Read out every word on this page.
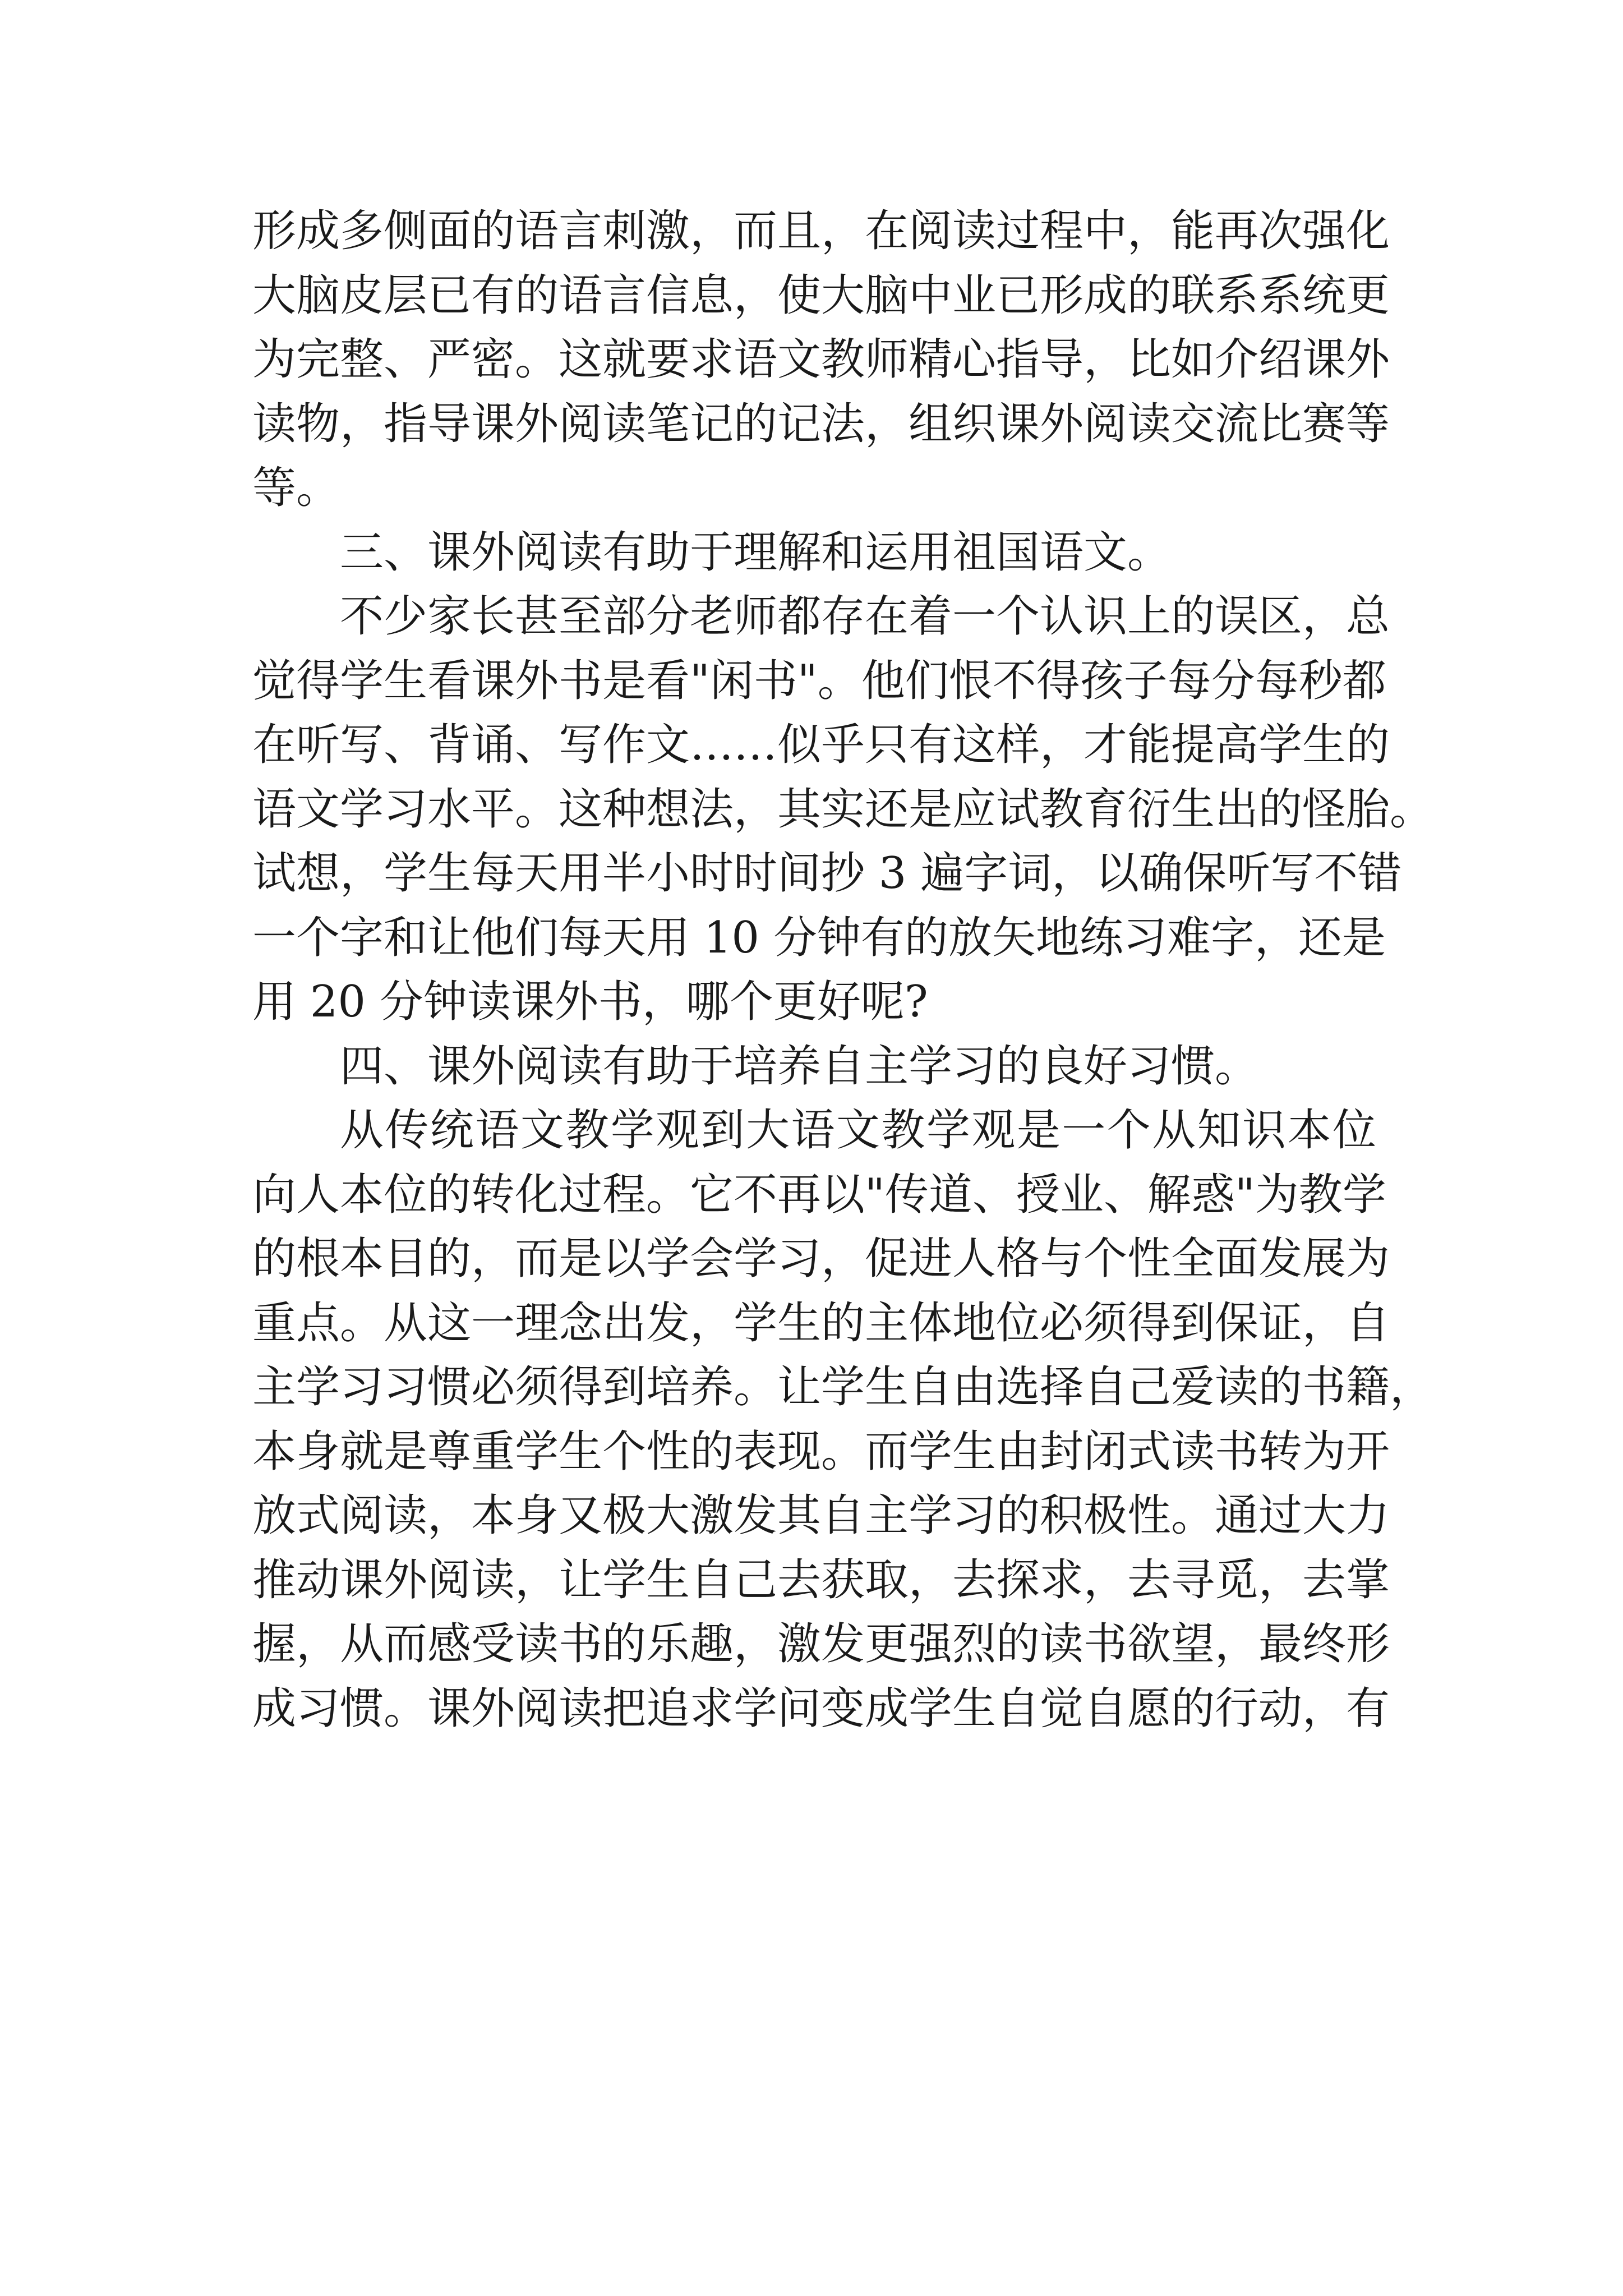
形成多侧面的语言刺激，而且，在阅读过程中，能再次强化
大脑皮层已有的语言信息，使大脑中业已形成的联系系统更
为完整、严密。这就要求语文教师精心指导，比如介绍课外
读物，指导课外阅读笔记的记法，组织课外阅读交流比赛等
等。
三、课外阅读有助于理解和运用祖国语文。
不少家长甚至部分老师都存在着一个认识上的误区，总
觉得学生看课外书是看"闲书"。他们恨不得孩子每分每秒都
在听写、背诵、写作文……似乎只有这样，才能提高学生的
语文学习水平。这种想法，其实还是应试教育衍生出的怪胎。
试想，学生每天用半小时时间抄 3 遍字词，以确保听写不错
一个字和让他们每天用 10 分钟有的放矢地练习难字，还是
用 20 分钟读课外书，哪个更好呢?
四、课外阅读有助于培养自主学习的良好习惯。
从传统语文教学观到大语文教学观是一个从知识本位
向人本位的转化过程。它不再以"传道、授业、解惑"为教学
的根本目的，而是以学会学习，促进人格与个性全面发展为
重点。从这一理念出发，学生的主体地位必须得到保证，自
主学习习惯必须得到培养。让学生自由选择自己爱读的书籍，
本身就是尊重学生个性的表现。而学生由封闭式读书转为开
放式阅读，本身又极大激发其自主学习的积极性。通过大力
推动课外阅读，让学生自己去获取，去探求，去寻觅，去掌
握，从而感受读书的乐趣，激发更强烈的读书欲望，最终形
成习惯。课外阅读把追求学问变成学生自觉自愿的行动，有
